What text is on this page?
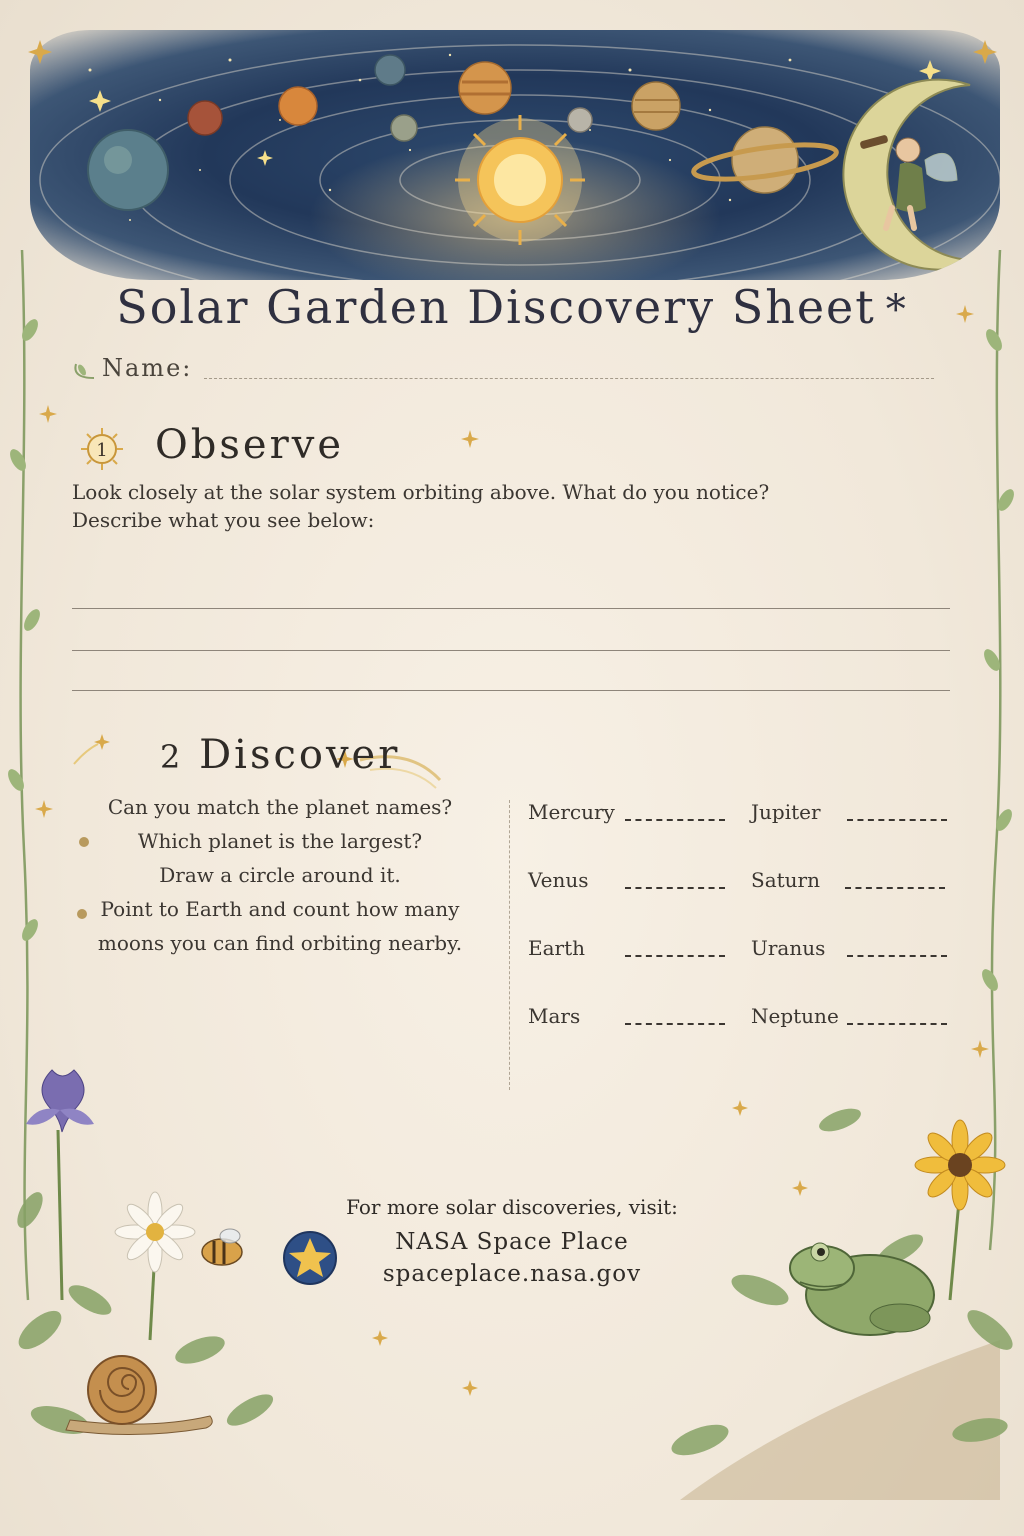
Solar Garden Discovery Sheet *
Name:
1 Observe
Look closely at the solar system orbiting above. What do you notice?
Describe what you see below:
2 Discover
Can you match the planet names?
Which planet is the largest?
Draw a circle around it.
Point to Earth and count how many
moons you can find orbiting nearby.
Mercury
Venus
Earth
Mars
Jupiter
Saturn
Uranus
Neptune
For more solar discoveries, visit:
NASA Space Place
spaceplace.nasa.gov
